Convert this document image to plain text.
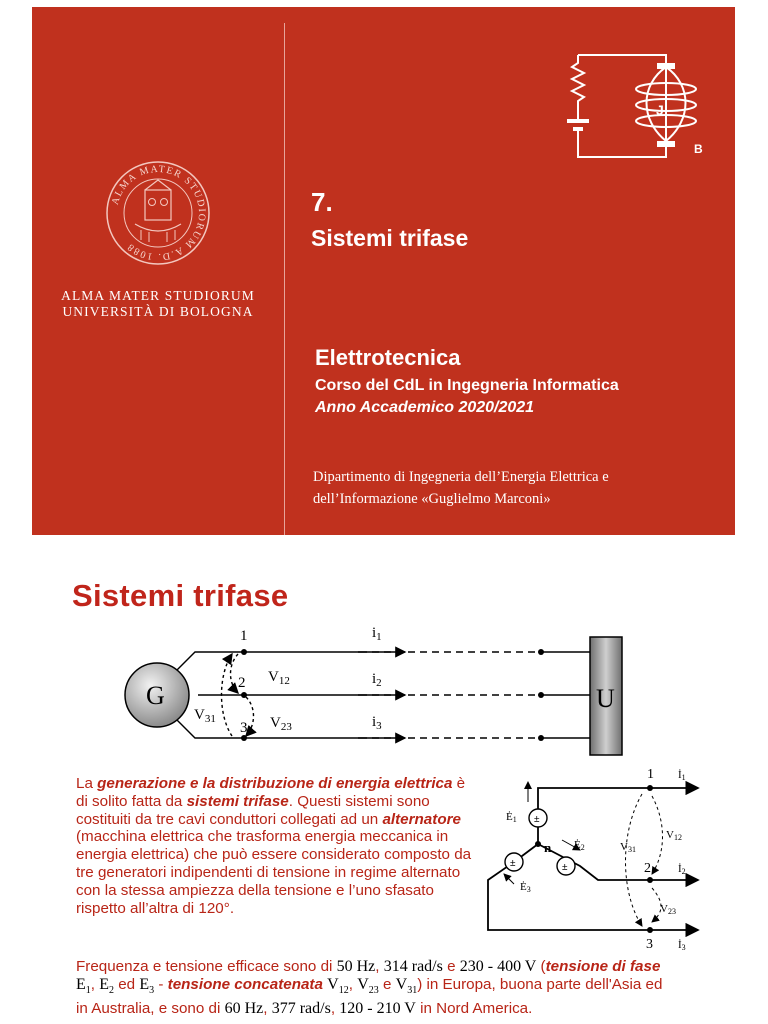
ALMA MATER STUDIORUM A.D. 1088
ALMA MATER STUDIORUM
UNIVERSITÀ DI BOLOGNA
7.
Sistemi trifase
Elettrotecnica
Corso del CdL in Ingegneria Informatica
Anno Accademico 2020/2021
Dipartimento di Ingegneria dell’Energia Elettrica e
dell’Informazione «Guglielmo Marconi»
J
B
Sistemi trifase
G	U
1
2
3
$V_{12}$
$V_{23}$
$V_{31}$
$i_1$
$i_2$
$i_3$
±
±	±
1
2
3
n
Ė1
Ė2
Ė3
İ1
İ2
İ3
V12
V23
V31
La generazione e la distribuzione di energia elettrica è di solito fatta da sistemi trifase. Questi sistemi sono costituiti da tre cavi conduttori collegati ad un alternatore (macchina elettrica che trasforma energia meccanica in energia elettrica) che può essere considerato composto da tre generatori indipendenti di tensione in regime alternato con la stessa ampiezza della tensione e l’uno sfasato rispetto all’altra di 120°.
Frequenza e tensione efficace sono di 50 Hz, 314 rad/s e 230 - 400 V (tensione di fase $E_1$, $E_2$ ed $E_3$ - tensione concatenata $V_{12}$, $V_{23}$ e $V_{31}$) in Europa, buona parte dell'Asia ed in Australia, e sono di 60 Hz, 377 rad/s, 120 - 210 V in Nord America.
